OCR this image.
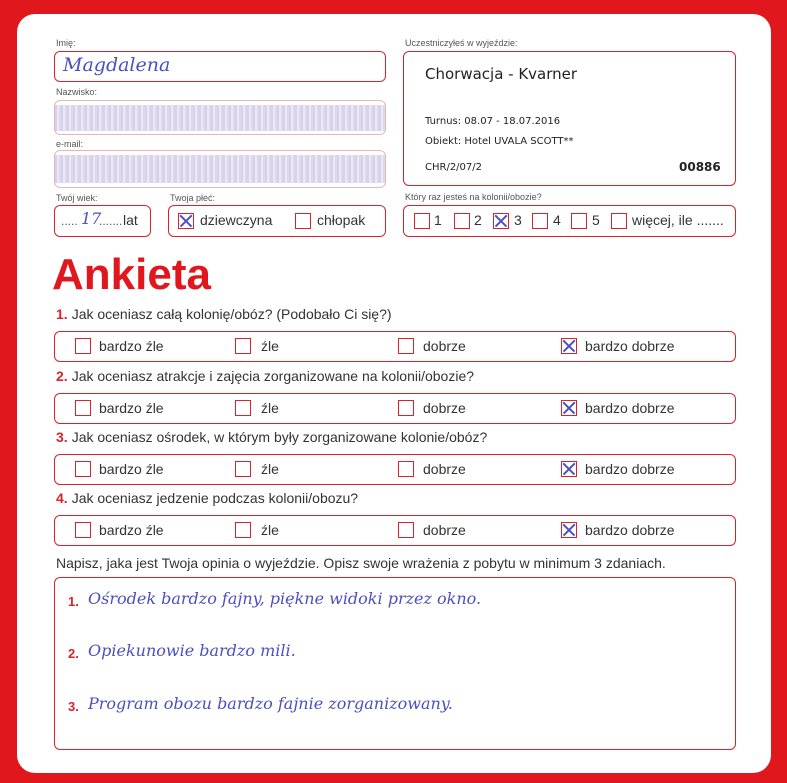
Imię:
Magdalena
Nazwisko:
e-mail:
Twój wiek:
..... 17
....... lat
Twoja płeć:
dziewczyna	chłopak
Uczestniczyłeś w wyjeździe:
Chorwacja - Kvarner
Turnus: 08.07 - 18.07.2016
Obiekt: Hotel UVALA SCOTT**
CHR/2/07/2	00886
Który raz jesteś na kolonii/obozie?
1 2 3 4 5 więcej, ile .......
Ankieta
1. Jak oceniasz całą kolonię/obóz? (Podobało Ci się?)
bardzo źle	źle	dobrze	bardzo dobrze
2. Jak oceniasz atrakcje i zajęcia zorganizowane na kolonii/obozie?
bardzo źle	źle	dobrze	bardzo dobrze
3. Jak oceniasz ośrodek, w którym były zorganizowane kolonie/obóz?
bardzo źle	źle	dobrze	bardzo dobrze
4. Jak oceniasz jedzenie podczas kolonii/obozu?
bardzo źle	źle	dobrze	bardzo dobrze
Napisz, jaka jest Twoja opinia o wyjeździe. Opisz swoje wrażenia z pobytu w minimum 3 zdaniach.
1. Ośrodek bardzo fajny, piękne widoki przez okno.
2. Opiekunowie bardzo mili.
3. Program obozu bardzo fajnie zorganizowany.
